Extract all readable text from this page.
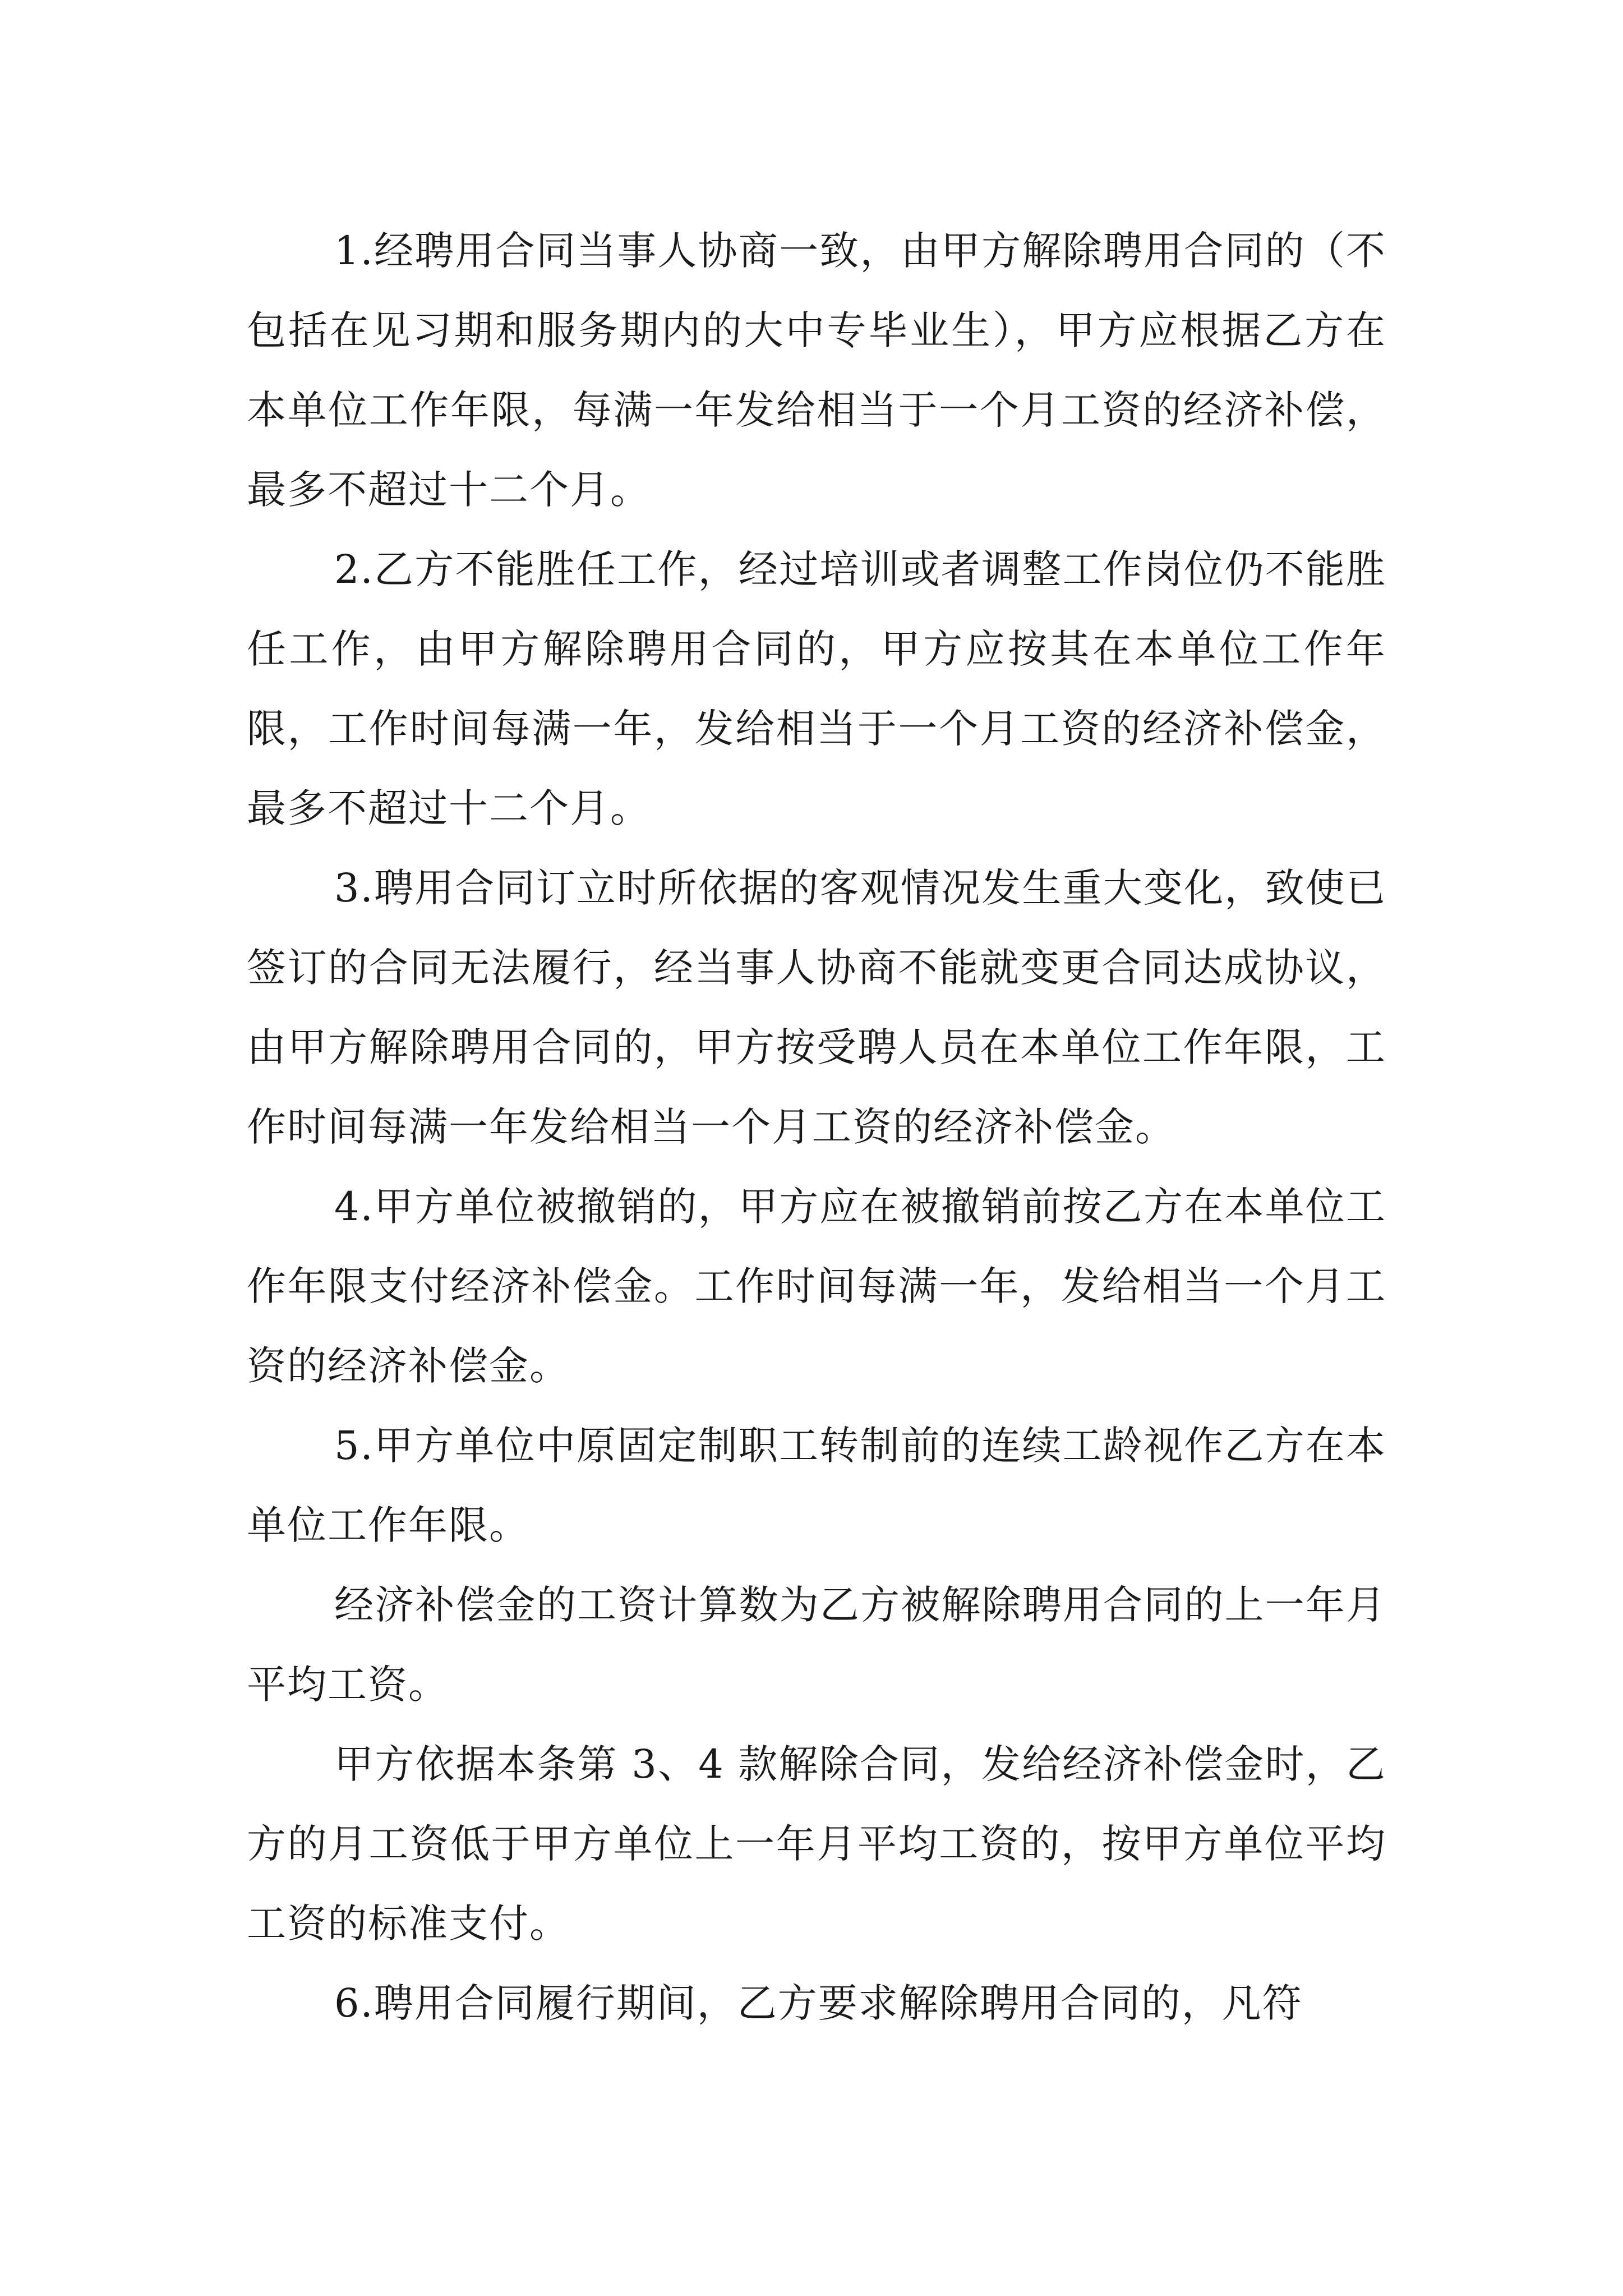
1.经聘用合同当事人协商一致，由甲方解除聘用合同的（不包括在见习期和服务期内的大中专毕业生），甲方应根据乙方在本单位工作年限，每满一年发给相当于一个月工资的经济补偿，最多不超过十二个月。

2.乙方不能胜任工作，经过培训或者调整工作岗位仍不能胜任工作，由甲方解除聘用合同的，甲方应按其在本单位工作年限，工作时间每满一年，发给相当于一个月工资的经济补偿金，最多不超过十二个月。

3.聘用合同订立时所依据的客观情况发生重大变化，致使已签订的合同无法履行，经当事人协商不能就变更合同达成协议，由甲方解除聘用合同的，甲方按受聘人员在本单位工作年限，工作时间每满一年发给相当一个月工资的经济补偿金。

4.甲方单位被撤销的，甲方应在被撤销前按乙方在本单位工作年限支付经济补偿金。工作时间每满一年，发给相当一个月工资的经济补偿金。

5.甲方单位中原固定制职工转制前的连续工龄视作乙方在本单位工作年限。

经济补偿金的工资计算数为乙方被解除聘用合同的上一年月平均工资。

甲方依据本条第 3、4 款解除合同，发给经济补偿金时，乙方的月工资低于甲方单位上一年月平均工资的，按甲方单位平均工资的标准支付。

6.聘用合同履行期间，乙方要求解除聘用合同的，凡符
